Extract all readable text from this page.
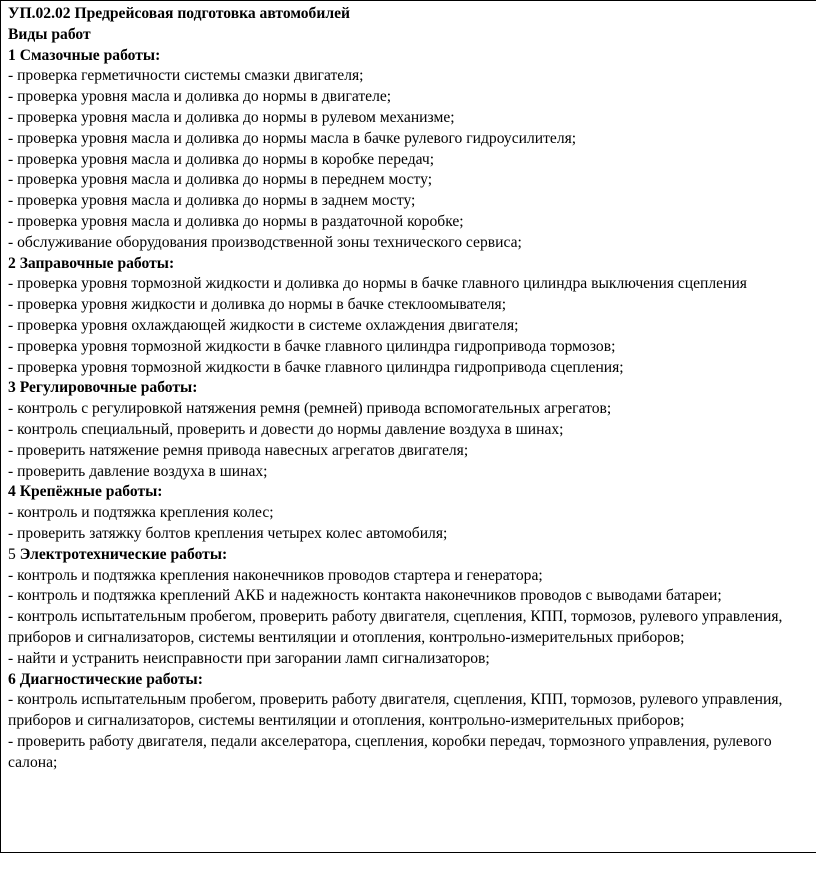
УП.02.02 Предрейсовая подготовка автомобилей
Виды работ
1 Смазочные работы:
- проверка герметичности системы смазки двигателя;
- проверка уровня масла и доливка до нормы в двигателе;
- проверка уровня масла и доливка до нормы в рулевом механизме;
- проверка уровня масла и доливка до нормы масла в бачке рулевого гидроусилителя;
- проверка уровня масла и доливка до нормы в коробке передач;
- проверка уровня масла и доливка до нормы в переднем мосту;
- проверка уровня масла и доливка до нормы в заднем мосту;
- проверка уровня масла и доливка до нормы в раздаточной коробке;
- обслуживание оборудования производственной зоны технического сервиса;
2 Заправочные работы:
- проверка уровня тормозной жидкости и доливка до нормы в бачке главного цилиндра выключения сцепления
- проверка уровня жидкости и доливка до нормы в бачке стеклоомывателя;
- проверка уровня охлаждающей жидкости в системе охлаждения двигателя;
- проверка уровня тормозной жидкости в бачке главного цилиндра гидропривода тормозов;
- проверка уровня тормозной жидкости в бачке главного цилиндра гидропривода сцепления;
3 Регулировочные работы:
- контроль с регулировкой натяжения ремня (ремней) привода вспомогательных агрегатов;
- контроль специальный, проверить и довести до нормы давление воздуха в шинах;
- проверить натяжение ремня привода навесных агрегатов двигателя;
- проверить давление воздуха в шинах;
4 Крепёжные работы:
- контроль и подтяжка крепления колес;
- проверить затяжку болтов крепления четырех колес автомобиля;
5 Электротехнические работы:
- контроль и подтяжка крепления наконечников проводов стартера и генератора;
- контроль и подтяжка креплений АКБ и надежность контакта наконечников проводов с выводами батареи;
- контроль испытательным пробегом, проверить работу двигателя, сцепления, КПП, тормозов, рулевого управления,
приборов и сигнализаторов, системы вентиляции и отопления, контрольно-измерительных приборов;
- найти и устранить неисправности при загорании ламп сигнализаторов;
6 Диагностические работы:
- контроль испытательным пробегом, проверить работу двигателя, сцепления, КПП, тормозов, рулевого управления,
приборов и сигнализаторов, системы вентиляции и отопления, контрольно-измерительных приборов;
- проверить работу двигателя, педали акселератора, сцепления, коробки передач, тормозного управления, рулевого
салона;
